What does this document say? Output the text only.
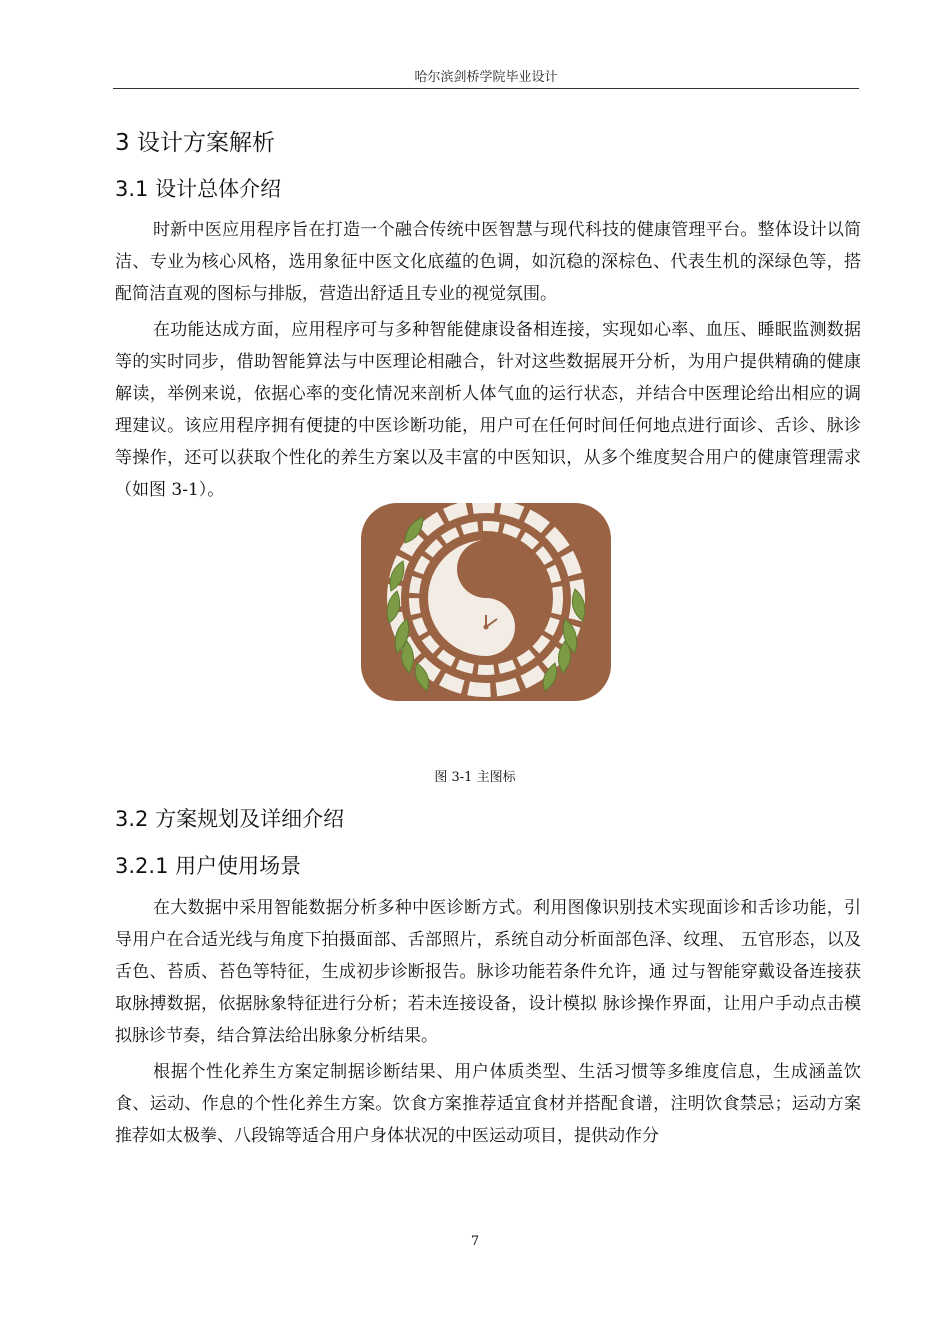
哈尔滨剑桥学院毕业设计
3 设计方案解析
3.1 设计总体介绍

时新中医应用程序旨在打造一个融合传统中医智慧与现代科技的健康管理平台。整体设计以简洁、专业为核心风格，选用象征中医文化底蕴的色调，如沉稳的深棕色、代表生机的深绿色等，搭配简洁直观的图标与排版，营造出舒适且专业的视觉氛围。

在功能达成方面，应用程序可与多种智能健康设备相连接，实现如心率、血压、睡眠监测数据等的实时同步，借助智能算法与中医理论相融合，针对这些数据展开分析，为用户提供精确的健康解读，举例来说，依据心率的变化情况来剖析人体气血的运行状态，并结合中医理论给出相应的调理建议。该应用程序拥有便捷的中医诊断功能，用户可在任何时间任何地点进行面诊、舌诊、脉诊等操作，还可以获取个性化的养生方案以及丰富的中医知识，从多个维度契合用户的健康管理需求（如图 3-1）。

图 3-1 主图标
3.2 方案规划及详细介绍
3.2.1 用户使用场景

在大数据中采用智能数据分析多种中医诊断方式。利用图像识别技术实现面诊和舌诊功能，引导用户在合适光线与角度下拍摄面部、舌部照片，系统自动分析面部色泽、纹理、 五官形态，以及舌色、苔质、苔色等特征，生成初步诊断报告。脉诊功能若条件允许，通 过与智能穿戴设备连接获取脉搏数据，依据脉象特征进行分析；若未连接设备，设计模拟 脉诊操作界面，让用户手动点击模拟脉诊节奏，结合算法给出脉象分析结果。

根据个性化养生方案定制据诊断结果、用户体质类型、生活习惯等多维度信息，生成涵盖饮食、运动、作息的个性化养生方案。饮食方案推荐适宜食材并搭配食谱，注明饮食禁忌；运动方案推荐如太极拳、八段锦等适合用户身体状况的中医运动项目，提供动作分

7
